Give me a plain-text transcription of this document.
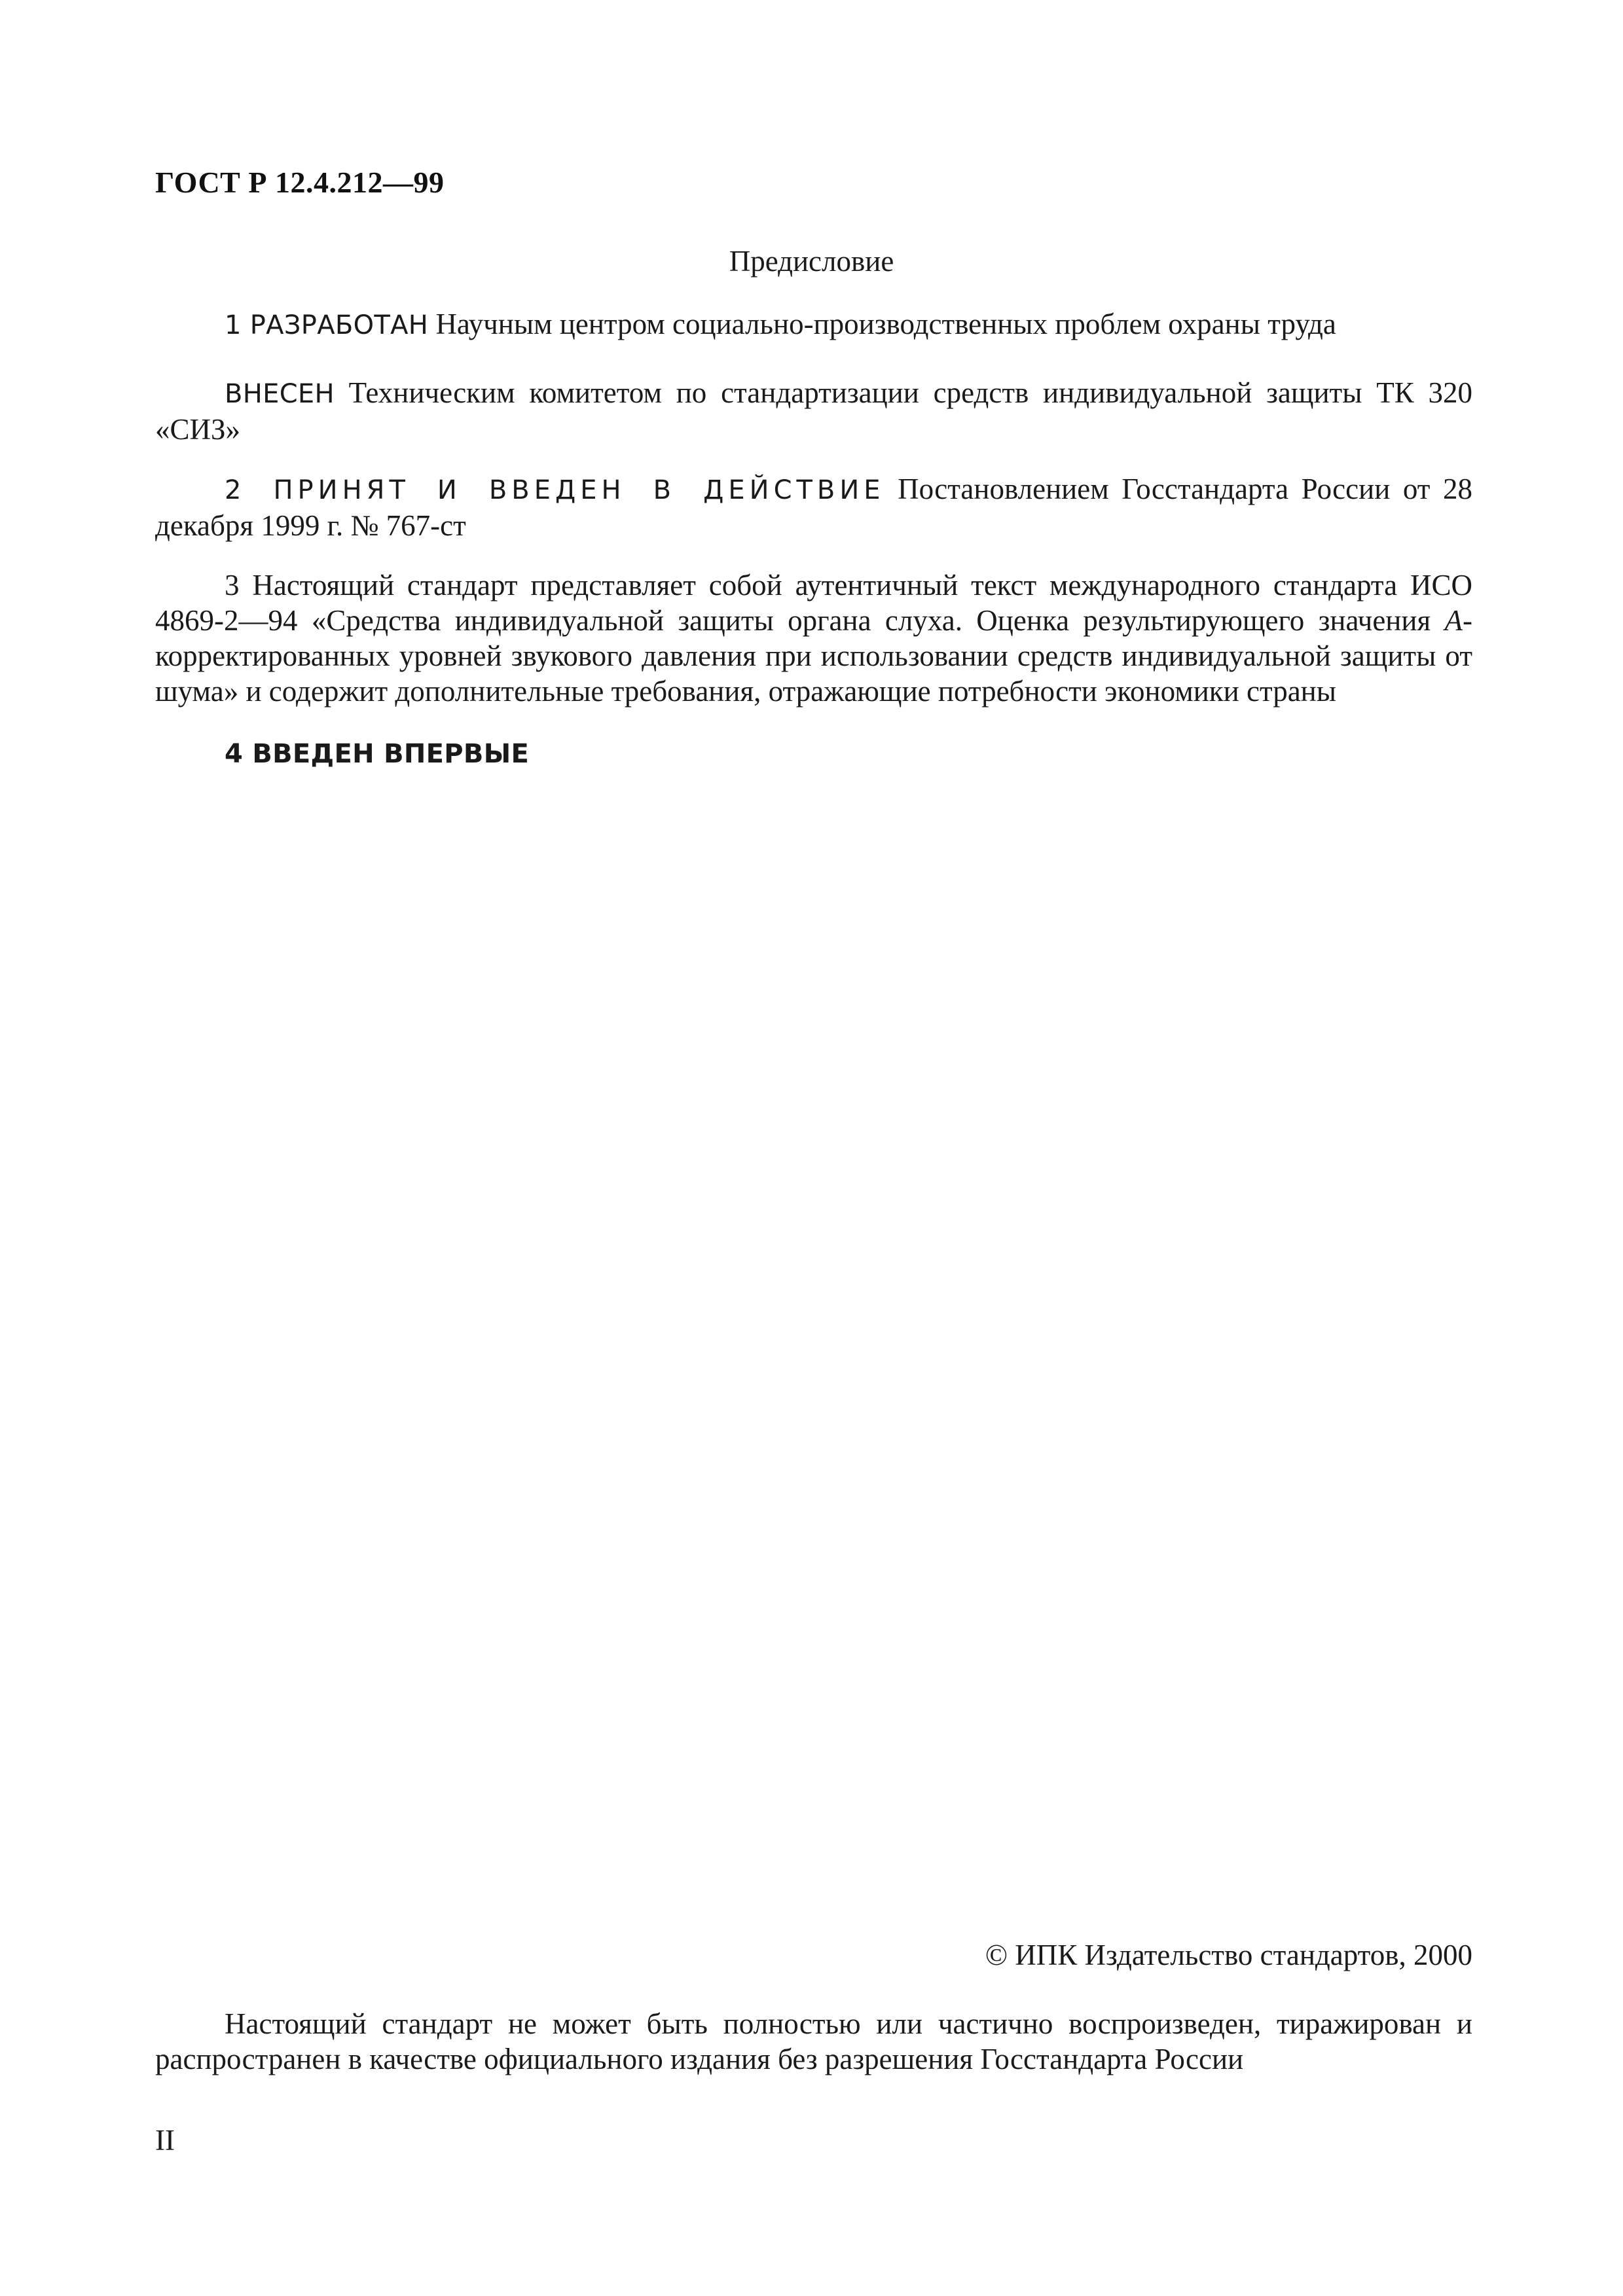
ГОСТ Р 12.4.212—99
Предисловие

1 РАЗРАБОТАН Научным центром социально-производственных проблем охраны труда

ВНЕСЕН Техническим комитетом по стандартизации средств индивидуальной защиты ТК 320 «СИЗ»

2 ПРИНЯТ И ВВЕДЕН В ДЕЙСТВИЕ Постановлением Госстандарта России от 28 декабря 1999 г. № 767-ст

3 Настоящий стандарт представляет собой аутентичный текст международного стандарта ИСО 4869-2—94 «Средства индивидуальной защиты органа слуха. Оценка результирующего значения А-корректированных уровней звукового давления при использовании средств индивидуальной защиты от шума» и содержит дополнительные требования, отражающие потребности экономики страны

4 ВВЕДЕН ВПЕРВЫЕ

© ИПК Издательство стандартов, 2000

Настоящий стандарт не может быть полностью или частично воспроизведен, тиражирован и распространен в качестве официального издания без разрешения Госстандарта России

II
